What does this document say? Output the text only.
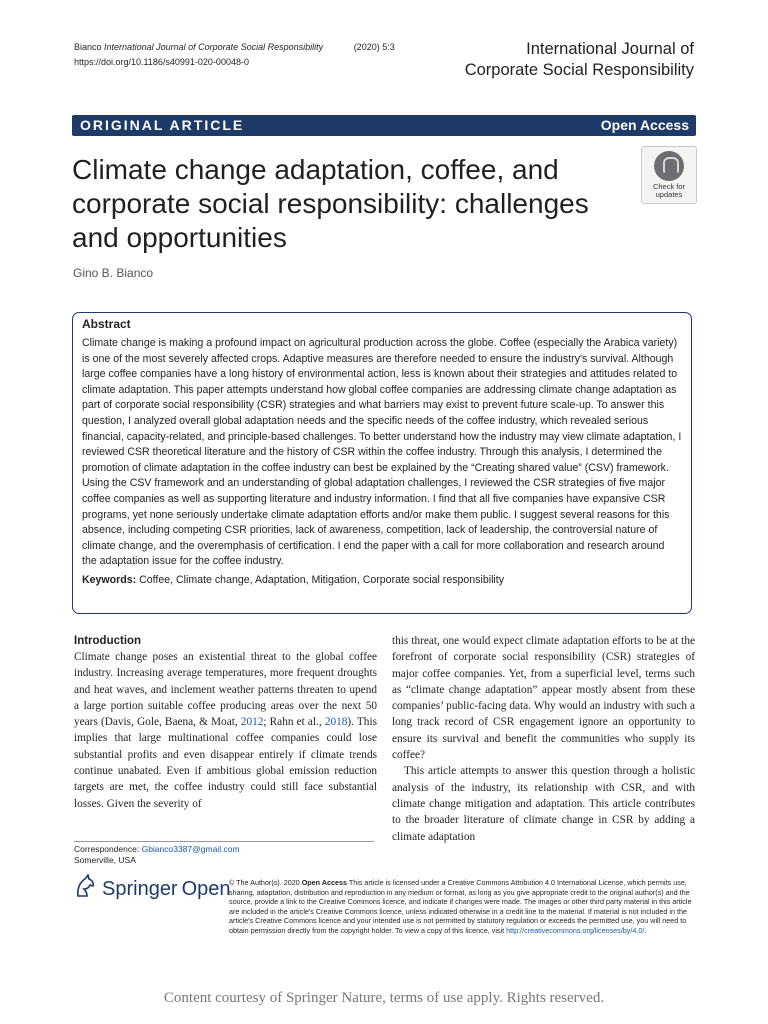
Bianco International Journal of Corporate Social Responsibility	(2020) 5:3
https://doi.org/10.1186/s40991-020-00048-0
International Journal of
Corporate Social Responsibility
ORIGINAL ARTICLE	Open Access
Climate change adaptation, coffee, and corporate social responsibility: challenges and opportunities
Check for
updates
Gino B. Bianco
Abstract
Climate change is making a profound impact on agricultural production across the globe. Coffee (especially the Arabica variety) is one of the most severely affected crops. Adaptive measures are therefore needed to ensure the industry's survival. Although large coffee companies have a long history of environmental action, less is known about their strategies and attitudes related to climate adaptation. This paper attempts understand how global coffee companies are addressing climate change adaptation as part of corporate social responsibility (CSR) strategies and what barriers may exist to prevent future scale-up. To answer this question, I analyzed overall global adaptation needs and the specific needs of the coffee industry, which revealed serious financial, capacity-related, and principle-based challenges. To better understand how the industry may view climate adaptation, I reviewed CSR theoretical literature and the history of CSR within the coffee industry. Through this analysis, I determined the promotion of climate adaptation in the coffee industry can best be explained by the “Creating shared value” (CSV) framework. Using the CSV framework and an understanding of global adaptation challenges, I reviewed the CSR strategies of five major coffee companies as well as supporting literature and industry information. I find that all five companies have expansive CSR programs, yet none seriously undertake climate adaptation efforts and/or make them public. I suggest several reasons for this absence, including competing CSR priorities, lack of awareness, competition, lack of leadership, the controversial nature of climate change, and the overemphasis of certification. I end the paper with a call for more collaboration and research around the adaptation issue for the coffee industry.
Keywords: Coffee, Climate change, Adaptation, Mitigation, Corporate social responsibility
Introduction

Climate change poses an existential threat to the global coffee industry. Increasing average temperatures, more frequent droughts and heat waves, and inclement weather patterns threaten to upend a large portion suitable coffee producing areas over the next 50 years (Davis, Gole, Baena, & Moat, 2012; Rahn et al., 2018). This implies that large multinational coffee companies could lose substantial profits and even disappear entirely if climate trends continue unabated. Even if ambitious global emission reduction targets are met, the coffee industry could still face substantial losses. Given the severity of

this threat, one would expect climate adaptation efforts to be at the forefront of corporate social responsibility (CSR) strategies of major coffee companies. Yet, from a superficial level, terms such as “climate change adaptation” appear mostly absent from these companies’ public-facing data. Why would an industry with such a long track record of CSR engagement ignore an opportunity to ensure its survival and benefit the communities who supply its coffee?

This article attempts to answer this question through a holistic analysis of the industry, its relationship with CSR, and with climate change mitigation and adaptation. This article contributes to the broader literature of climate change in CSR by adding a climate adaptation

Correspondence: Gbianco3387@gmail.com
Somerville, USA
Springer Open
© The Author(s). 2020 Open Access This article is licensed under a Creative Commons Attribution 4.0 International License, which permits use, sharing, adaptation, distribution and reproduction in any medium or format, as long as you give appropriate credit to the original author(s) and the source, provide a link to the Creative Commons licence, and indicate if changes were made. The images or other third party material in this article are included in the article's Creative Commons licence, unless indicated otherwise in a credit line to the material. If material is not included in the article's Creative Commons licence and your intended use is not permitted by statutory regulation or exceeds the permitted use, you will need to obtain permission directly from the copyright holder. To view a copy of this licence, visit http://creativecommons.org/licenses/by/4.0/.
Content courtesy of Springer Nature, terms of use apply. Rights reserved.
